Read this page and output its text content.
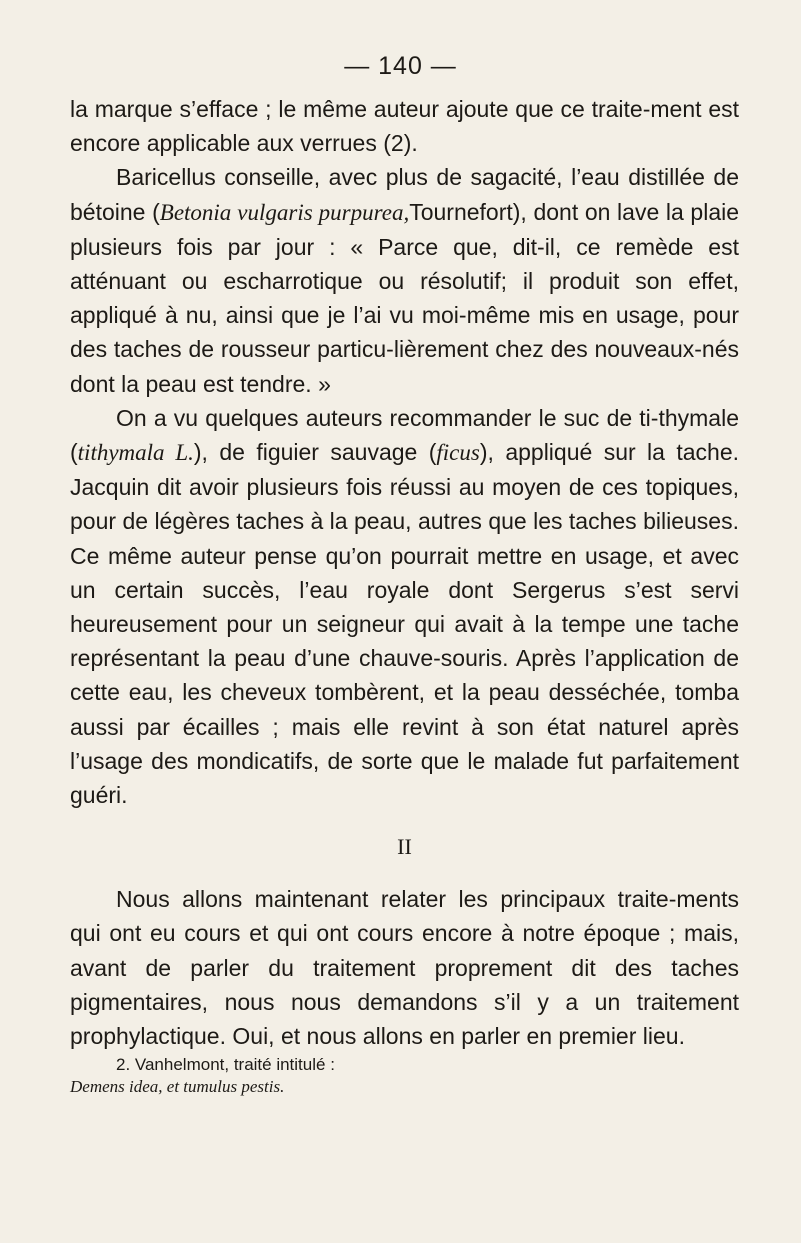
— 140 —

la marque s’efface ; le même auteur ajoute que ce traite-ment est encore applicable aux verrues (2).

Baricellus conseille, avec plus de sagacité, l’eau distillée de bétoine (Betonia vulgaris purpurea,Tournefort), dont on lave la plaie plusieurs fois par jour : « Parce que, dit-il, ce remède est atténuant ou escharrotique ou résolutif; il produit son effet, appliqué à nu, ainsi que je l’ai vu moi-même mis en usage, pour des taches de rousseur particu-lièrement chez des nouveaux-nés dont la peau est tendre. »

On a vu quelques auteurs recommander le suc de ti-thymale (tithymala L.), de figuier sauvage (ficus), appliqué sur la tache. Jacquin dit avoir plusieurs fois réussi au moyen de ces topiques, pour de légères taches à la peau, autres que les taches bilieuses. Ce même auteur pense qu’on pourrait mettre en usage, et avec un certain succès, l’eau royale dont Sergerus s’est servi heureusement pour un seigneur qui avait à la tempe une tache représentant la peau d’une chauve-souris. Après l’application de cette eau, les cheveux tombèrent, et la peau desséchée, tomba aussi par écailles ; mais elle revint à son état naturel après l’usage des mondicatifs, de sorte que le malade fut parfaitement guéri.

II

Nous allons maintenant relater les principaux traite-ments qui ont eu cours et qui ont cours encore à notre époque ; mais, avant de parler du traitement proprement dit des taches pigmentaires, nous nous demandons s’il y a un traitement prophylactique. Oui, et nous allons en parler en premier lieu.

2. Vanhelmont, traité intitulé :
Demens idea, et tumulus pestis.
